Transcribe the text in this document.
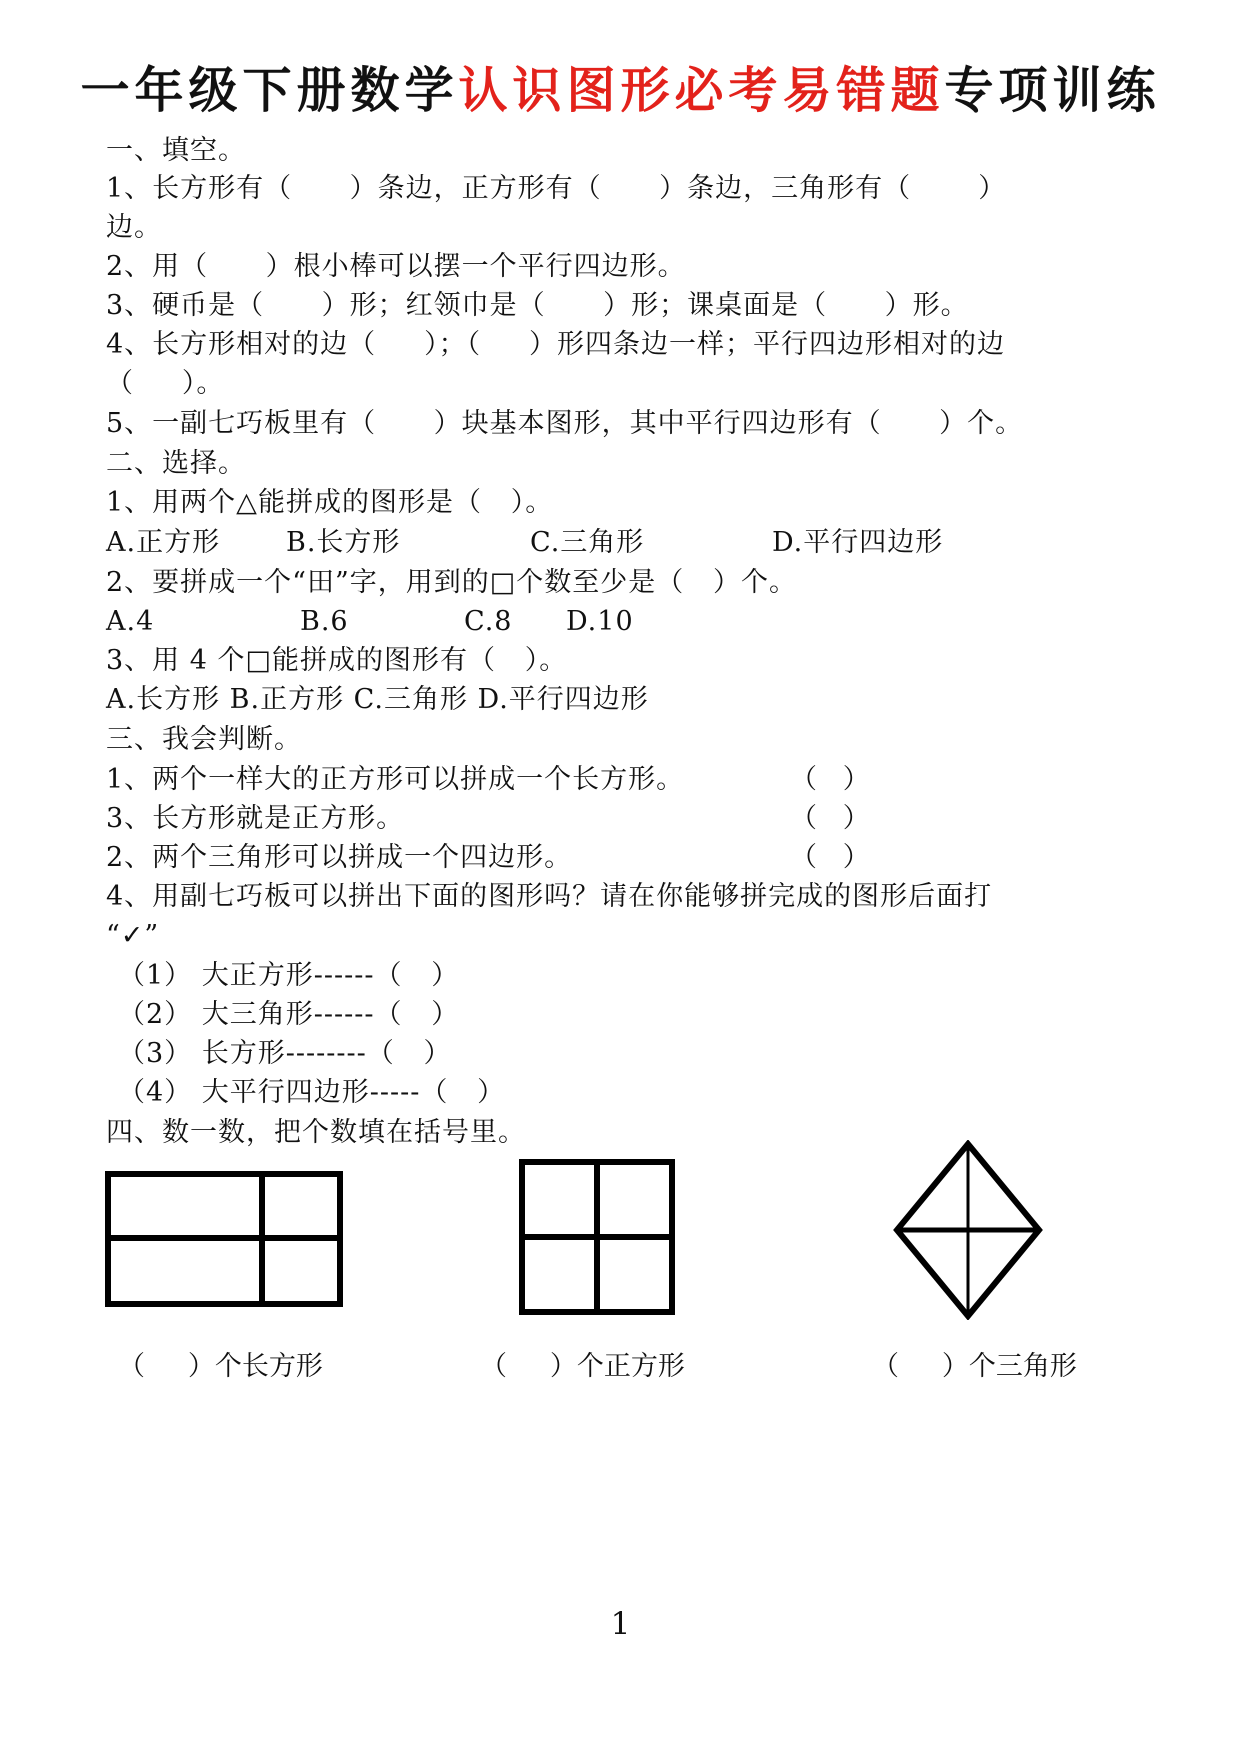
一年级下册数学认识图形必考易错题专项训练
一、填空。
1、长方形有（      ）条边，正方形有（      ）条边，三角形有（       ）
边。
2、用（      ）根小棒可以摆一个平行四边形。
3、硬币是（      ）形；红领巾是（      ）形；课桌面是（      ）形。
4、长方形相对的边（     ）；（     ）形四条边一样；平行四边形相对的边
（     ）。
5、一副七巧板里有（      ）块基本图形，其中平行四边形有（      ）个。
二、选择。
1、用两个△能拼成的图形是（   ）。
A.正方形 B.长方形	C.三角形	D.平行四边形
2、要拼成一个“田”字，用到的□个数至少是（   ）个。
A.4	B.6	C.8 D.10
3、用 4 个□能拼成的图形有（   ）。
A.长方形 B.正方形 C.三角形 D.平行四边形
三、我会判断。
1、两个一样大的正方形可以拼成一个长方形。	（   ）
3、长方形就是正方形。	（   ）
2、两个三角形可以拼成一个四边形。	（   ）
4、用副七巧板可以拼出下面的图形吗？请在你能够拼完成的图形后面打
“✓”
（1） 大正方形------（   ）
（2） 大三角形------（   ）
（3） 长方形--------（   ）
（4） 大平行四边形-----（   ）
四、数一数，把个数填在括号里。
（     ）个长方形	（     ）个正方形	（     ）个三角形
1
